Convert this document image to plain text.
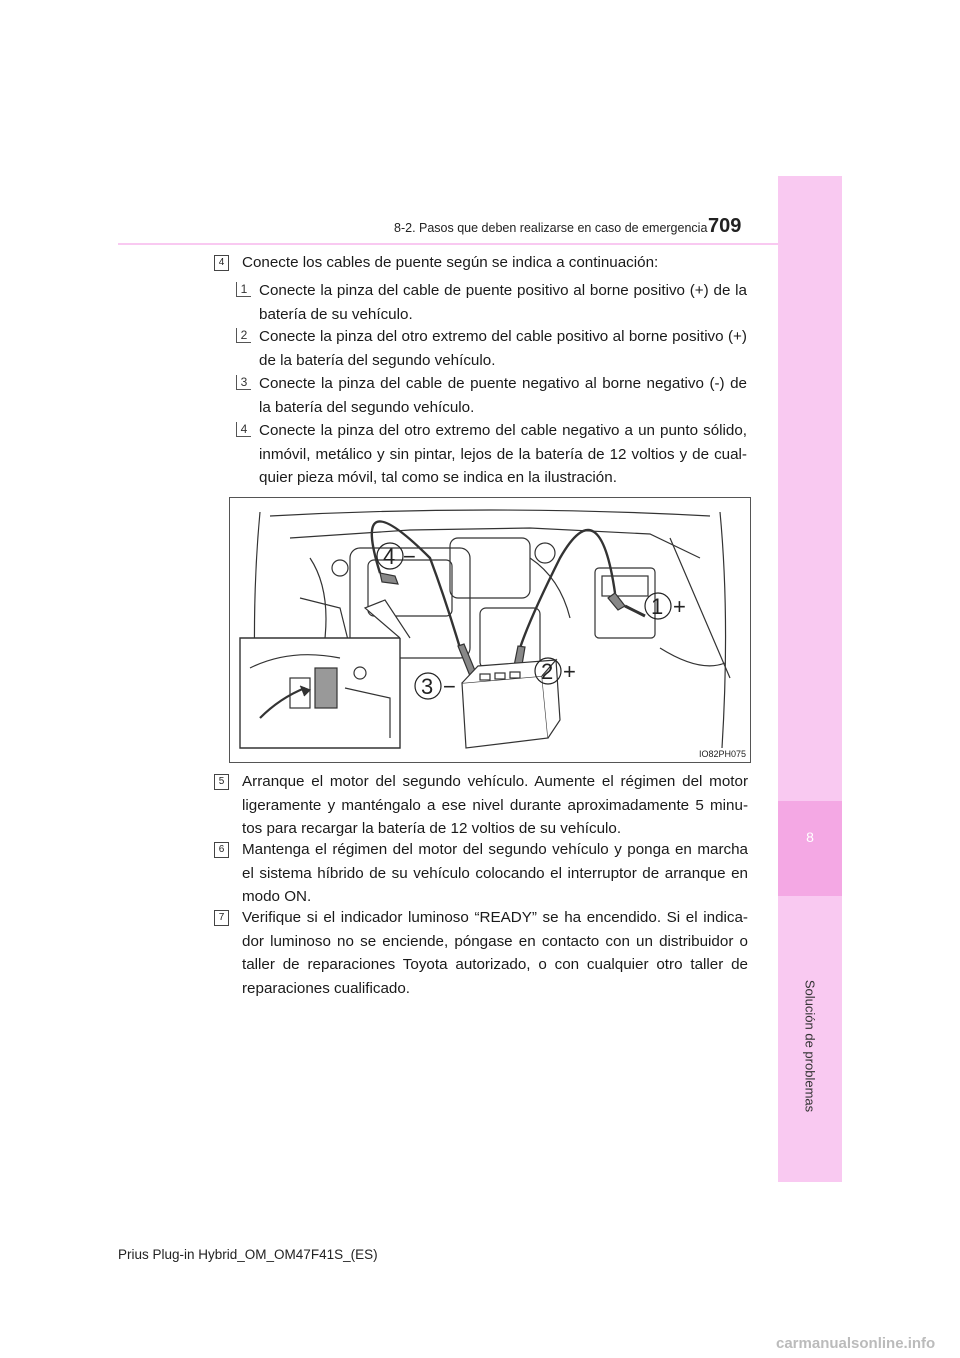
8
Solución de problemas
8-2. Pasos que deben realizarse en caso de emergencia 709
4	Conecte los cables de puente según se indica a continuación:
1 Conecte la pinza del cable de puente positivo al borne positivo (+) de la batería de su vehículo.
2 Conecte la pinza del otro extremo del cable positivo al borne positivo (+) de la batería del segundo vehículo.
3 Conecte la pinza del cable de puente negativo al borne negativo (-) de la batería del segundo vehículo.
4 Conecte la pinza del otro extremo del cable negativo a un punto sólido, inmóvil, metálico y sin pintar, lejos de la batería de 12 voltios y de cual-quier pieza móvil, tal como se indica en la ilustración.
4 −
1 +
2 +
3 −
IO82PH075
5	Arranque el motor del segundo vehículo. Aumente el régimen del motor ligeramente y manténgalo a ese nivel durante aproximadamente 5 minu-tos para recargar la batería de 12 voltios de su vehículo.
6	Mantenga el régimen del motor del segundo vehículo y ponga en marcha el sistema híbrido de su vehículo colocando el interruptor de arranque en modo ON.
7	Verifique si el indicador luminoso “READY” se ha encendido. Si el indica-dor luminoso no se enciende, póngase en contacto con un distribuidor o taller de reparaciones Toyota autorizado, o con cualquier otro taller de reparaciones cualificado.
Prius Plug-in Hybrid_OM_OM47F41S_(ES)
carmanualsonline.info
